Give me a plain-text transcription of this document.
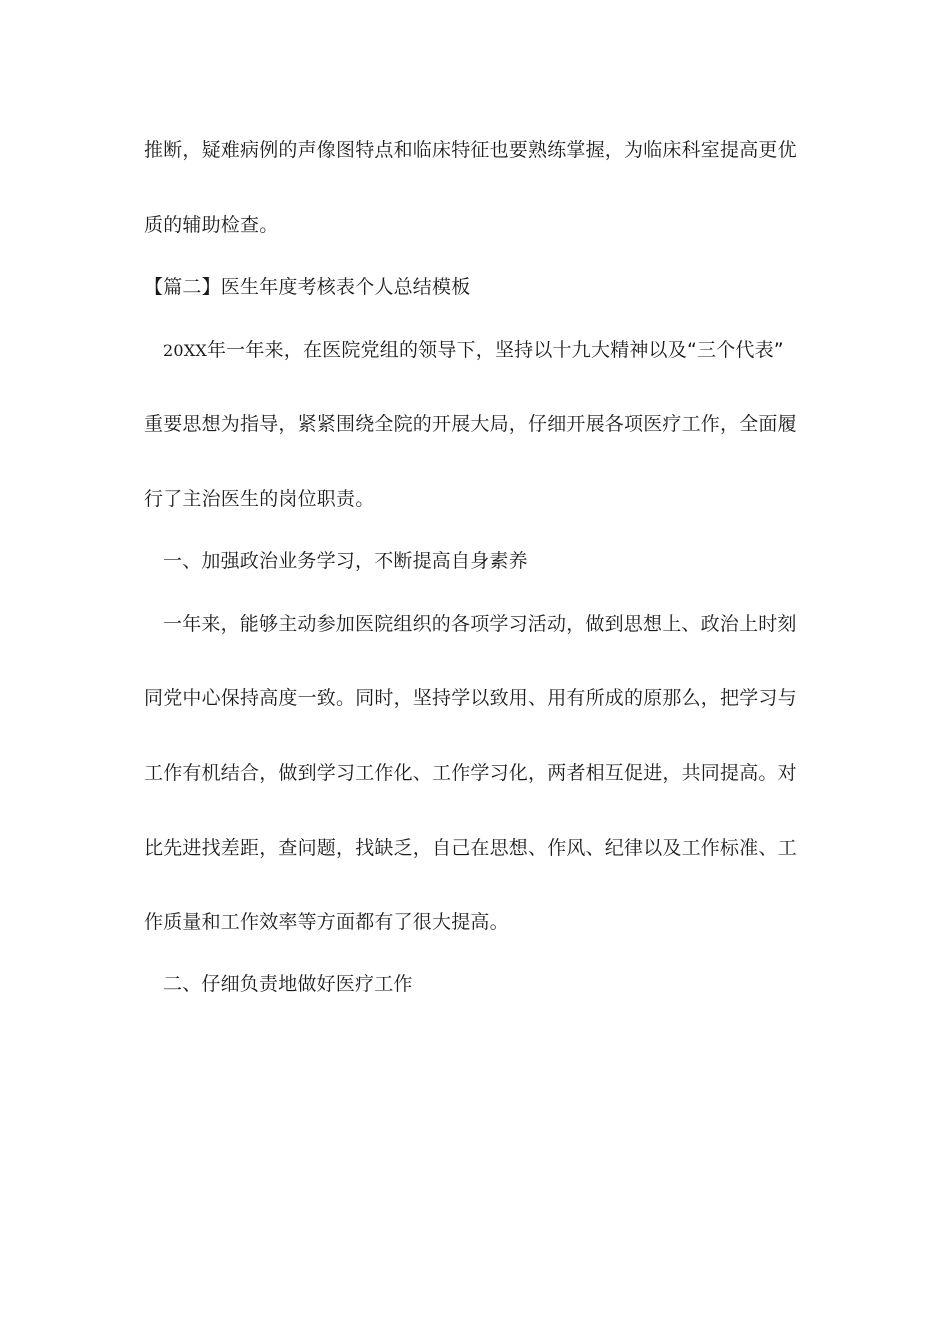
推断，疑难病例的声像图特点和临床特征也要熟练掌握，为临床科室提高更优
质的辅助检查。
【篇二】医生年度考核表个人总结模板
20XX年一年来，在医院党组的领导下，坚持以十九大精神以及“三个代表”
重要思想为指导，紧紧围绕全院的开展大局，仔细开展各项医疗工作，全面履
行了主治医生的岗位职责。
一、加强政治业务学习，不断提高自身素养
一年来，能够主动参加医院组织的各项学习活动，做到思想上、政治上时刻
同党中心保持高度一致。同时，坚持学以致用、用有所成的原那么，把学习与
工作有机结合，做到学习工作化、工作学习化，两者相互促进，共同提高。对
比先进找差距，查问题，找缺乏，自己在思想、作风、纪律以及工作标准、工
作质量和工作效率等方面都有了很大提高。
二、仔细负责地做好医疗工作
